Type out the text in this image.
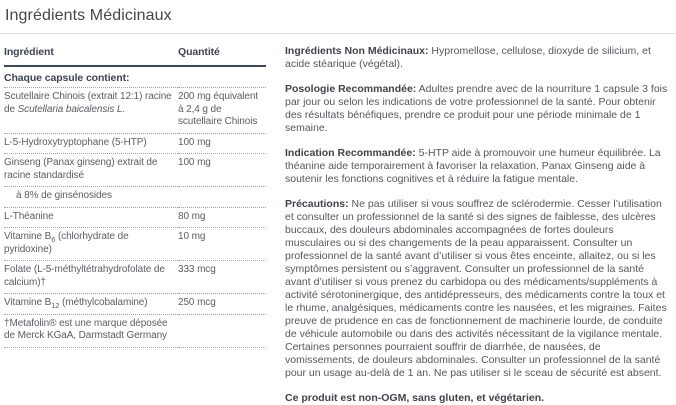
Ingrédients Médicinaux
Ingrédient	Quantité
Chaque capsule contient:	
Scutellaire Chinois (extrait 12:1) racine de Scutellaria baicalensis L.	200 mg équivalent à 2,4 g de scutellaire Chinois
L-5-Hydroxytryptophane (5-HTP)	100 mg
Ginseng (Panax ginseng) extrait de racine standardisé	100 mg
à 8% de ginsénosides	
L-Théanine	80 mg
Vitamine $B_6$ (chlorhydrate de pyridoxine)	10 mg
Folate (L-5-méthyltétrahydrofolate de calcium)†	333 mcg
Vitamine $B_{12}$ (méthylcobalamine)	250 mcg
†Metafolin® est une marque déposée de Merck KGaA, Darmstadt Germany	

Ingrédients Non Médicinaux: Hypromellose, cellulose, dioxyde de silicium, et acide stéarique (végétal).

Posologie Recommandée: Adultes prendre avec de la nourriture 1 capsule 3 fois par jour ou selon les indications de votre professionnel de la santé. Pour obtenir des résultats bénéfiques, prendre ce produit pour une période minimale de 1 semaine.

Indication Recommandée: 5-HTP aide à promouvoir une humeur équilibrée. La théanine aide temporairement à favoriser la relaxation. Panax Ginseng aide à soutenir les fonctions cognitives et à réduire la fatigue mentale.

Précautions: Ne pas utiliser si vous souffrez de sclérodermie. Cesser l’utilisation et consulter un professionnel de la santé si des signes de faiblesse, des ulcères buccaux, des douleurs abdominales accompagnées de fortes douleurs musculaires ou si des changements de la peau apparaissent. Consulter un professionnel de la santé avant d’utiliser si vous êtes enceinte, allaitez, ou si les symptômes persistent ou s’aggravent. Consulter un professionnel de la santé avant d’utiliser si vous prenez du carbidopa ou des médicaments/suppléments à activité sérotoninergique, des antidépresseurs, des médicaments contre la toux et le rhume, analgésiques, médicaments contre les nausées, et les migraines. Faites preuve de prudence en cas de fonctionnement de machinerie lourde, de conduite de véhicule automobile ou dans des activités nécessitant de la vigilance mentale. Certaines personnes pourraient souffrir de diarrhée, de nausées, de vomissements, de douleurs abdominales. Consulter un professionnel de la santé pour un usage au-delà de 1 an. Ne pas utiliser si le sceau de sécurité est absent.

Ce produit est non-OGM, sans gluten, et végétarien.
